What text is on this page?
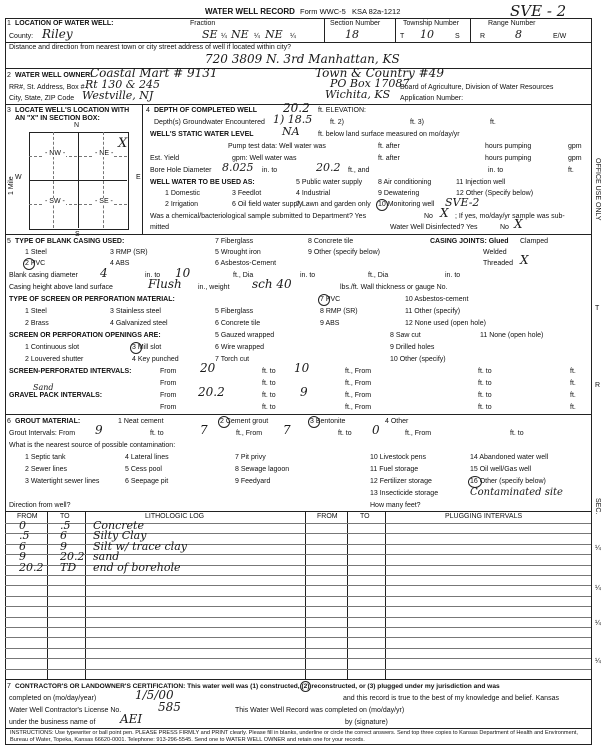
SVE - 2
WATER WELL RECORD Form WWC-5 KSA 82a-1212
1 LOCATION OF WATER WELL:
County: Riley
Fraction
SE ¼ NE ¼ NE ¼
Section Number
18
Township Number
T 10	S
Range Number
R	8	E/W
Distance and direction from nearest town or city street address of well if located within city?
720 3809 N. 3rd Manhattan, KS
2 WATER WELL OWNER:
Coastal Mart # 9131	Town & Country #49
RR#, St. Address, Box # :
Rt 130 & 245	PO Box 17087
City, State, ZIP Code Westville, NJ	Wichita, KS
Board of Agriculture, Division of Water Resources
Application Number:
3 LOCATE WELL'S LOCATION WITH
AN "X" IN SECTION BOX:
N
S
W	E
- NW -	- NE -
- SW -	- SE -
X
1 Mile
4 DEPTH OF COMPLETED WELL 20.2 ft. ELEVATION:
Depth(s) Groundwater Encountered 1) 18.5	ft. 2)	ft. 3)	ft.
WELL'S STATIC WATER LEVEL	NA	ft. below land surface measured on mo/day/yr
Pump test data: Well water was	ft. after	hours pumping	gpm
Est. Yield	gpm: Well water was	ft. after	hours pumping	gpm
Bore Hole Diameter 8.025 in. to	20.2 ft., and	in. to	ft.
WELL WATER TO BE USED AS:	5 Public water supply 8 Air conditioning	11 Injection well
1 Domestic	3 Feedlot	4 Industrial	9 Dewatering	12 Other (Specify below)
2 Irrigation	6 Oil field water supply
7 Lawn and garden only 10 Monitoring well SVE-2
Was a chemical/bacteriological sample submitted to Department? Yes	No X ; If yes, mo/day/yr sample was sub-
mitted	Water Well Disinfected? Yes	No X
5 TYPE OF BLANK CASING USED:	7 Fiberglass	8 Concrete tile	CASING JOINTS: Glued Clamped
1 Steel	3 RMP (SR)	5 Wrought iron	9 Other (specify below)	Welded
2 PVC	4 ABS	6 Asbestos-Cement	Threaded X
Blank casing diameter 4	in. to 10	ft., Dia	in. to	ft., Dia	in. to
Casing height above land surface	Flush in., weight sch 40	lbs./ft. Wall thickness or gauge No.
TYPE OF SCREEN OR PERFORATION MATERIAL:	7 PVC	10 Asbestos-cement
1 Steel	3 Stainless steel	5 Fiberglass	8 RMP (SR)	11 Other (specify)
2 Brass	4 Galvanized steel	6 Concrete tile	9 ABS	12 None used (open hole)
SCREEN OR PERFORATION OPENINGS ARE:	5 Gauzed wrapped	8 Saw cut	11 None (open hole)
1 Continuous slot	3 Mill slot	6 Wire wrapped	9 Drilled holes
2 Louvered shutter	4 Key punched	7 Torch cut	10 Other (specify)
SCREEN-PERFORATED INTERVALS:	From 20	ft. to 10	ft., From	ft. to	ft.
From	ft. to	ft., From	ft. to	ft.
GRAVEL PACK INTERVALS:
Sand
From 20.2	ft. to 9	ft., From	ft. to	ft.
From	ft. to	ft., From	ft. to	ft.
6 GROUT MATERIAL:	1 Neat cement	2 Cement grout	3 Bentonite	4 Other
Grout Intervals: From 9	ft. to	7	ft., From 7	ft. to 0	ft., From	ft. to
What is the nearest source of possible contamination:
10 Livestock pens	14 Abandoned water well
1 Septic tank	4 Lateral lines	7 Pit privy
2 Sewer lines	5 Cess pool	8 Sewage lagoon	11 Fuel storage	15 Oil well/Gas well
3 Watertight sewer lines	6 Seepage pit	9 Feedyard	12 Fertilizer storage	16 Other (specify below)
13 Insecticide storage	Contaminated site
Direction from well?	How many feet?
FROM	TO	LITHOLOGIC LOG	FROM	TO	PLUGGING INTERVALS
0	.5 Concrete
.5	6 Silty Clay
6	9 Silt w/ trace clay
9	20.2 sand
20.2 TD end of borehole
7 CONTRACTOR'S OR LANDOWNER'S CERTIFICATION: This water well was (1) constructed, (2) reconstructed, or (3) plugged under my jurisdiction and was
completed on (mo/day/year)	1/5/00	and this record is true to the best of my knowledge and belief. Kansas
Water Well Contractor's License No.	585	This Water Well Record was completed on (mo/day/yr)
under the business name of AEI	by (signature)
INSTRUCTIONS: Use typewriter or ball point pen. PLEASE PRESS FIRMLY and PRINT clearly. Please fill in blanks, underline or circle the correct answers. Send top three copies to Kansas Department of Health and Environment, Bureau of Water, Topeka, Kansas 66620-0001. Telephone: 913-296-5545. Send one to WATER WELL OWNER and retain one for your records.
OFFICE USE ONLY
T
R
SEC.
¼
¼
¼
¼
